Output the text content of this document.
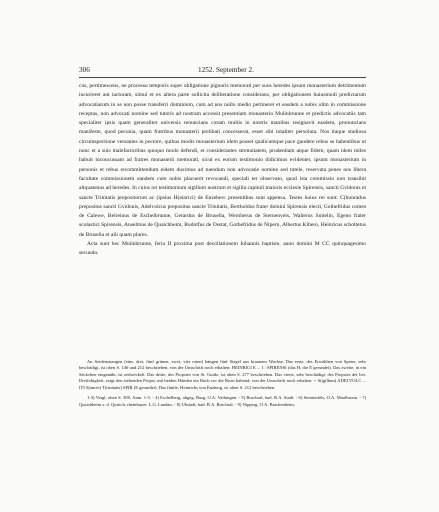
306	1252. September 2.

cus, pertimescens, ne processu temporis super obligatione pignoris memorati per suos heredes ipsum monasterium detrimentum incurreret aut iacturam, simul et ex altera parte sollicita deliberatione considerans, per obligationem huiusmodi predictarum advocatiarum in se non posse transferri dominium, cum ad nos nullo medio pertineret et easdem a nobis olim in commissione receptas, non advocati nomine sed tutoris ad nostram accessit presentiam monasterio Mulinbrunne et predictis advocatiis tam specialiter ipsis quam generaliter universis renuncians coram multis in nostris manibus resignavit easdem, pronuncians manifeste, quod pecunia, quam fratribus monasterii prelibati concesserat, esset sibi totaliter persoluta. Nos itaque studiosa circumspectione versantes in pectore, quibus modis monasterium idem posset qualicumque pace gaudere rebus se habentibus ut nunc et a suis malefactoribus quoquo modo defendi, et considerantes strenuitatem, prudentiam atque fidem, quam idem miles habuit inconcussam ad fratres monasterii memorati, sicut ex eorum testimonio didicimus evidenter, ipsum monasterium in personis et rebus recommittendum eidem duximus ad tuendum non advocatie nomine sed tutele, reservata penes nos libera facultate commissionem eandem cum nobis placuerit revocandi, speciali ter observato, quod ista commissio non transibit aliquatenus ad heredes. In cuius rei testimonium sigillum nostrum et sigilla capituli maioris ecclesie Spirensis, sancti Gvidonis et sancte Trinitatis prepositorum ac (ipsius H(einrici) de Enzeberc presentibus sunt appensa. Testes huius rei sunt: C(hunradus prepositus sancti Gvidonis, Adelvolcus prepositus sancte Trinitatis, Bertholdus frater domini Spirensis electi, Gothefridus comes de Calewe, Belreinus de Eschelbrunne, Gerardus de Brusella, Wernherus de Sternenvels, Walterus Snitelin, Egeno frater scolastici Spirensis, Anselmus de Quaichheim, Rudolfus de Osstat, Gothefridus de Nipern, Albertus Kibero, Heinricus scholtetus de Brusella et alii quam plures.

Acta sunt hec Mulinbrunne, feria II proxima post decollationem Iohannis baptiste, anno domini M CC quinquagesimo secundo.

An Seidenstrangen (eins, drei, fünf grünen, zwei, vier roten) hängen fünf Siegel aus braunem Wachse. Das erste, des Erwählten von Speier, sehr beschädigt, ist oben S. 146 und 212 beschrieben, von der Umschrift noch erhalten: HEINRICI E ... I : SPIRENSI (das H, die E gerundet). Das zweite, in ein Säckchen eingenäht, ist zerbröckelt. Das dritte, des Propstes von St. Guido, ist oben S. 277 beschrieben. Das vierte, sehr beschädigt, des Propstes der hei. Dreifaltigkeit, zeigt den stehenden Propst, mit beiden Händen ein Buch vor die Brust haltend; von der Umschrift noch erhalten: + S(igillum) ADELVOLC ... ITI S(ancte) T(rinitatis) SPIR (E gerundet). Das fünfte, Heinrichs von Enzberg, ist oben S. 212 beschrieben.

1-3) Vergl. oben S. 300, Anm. 1-3. - 4) Eschelberg, abgeg. Burg, O.A. Vaihingen. - 5) Bruchsal, bad. B.A. Stadt. - 6) Sternenfels, O.A. Maulbronn. - 7) Quaichheim s. d. Quirich, rheinbayer. L.G. Landau. - 8) Ubstadt, bad. B.A. Bruchsal. - 9) Nipperg, O.A. Brackenheim.
